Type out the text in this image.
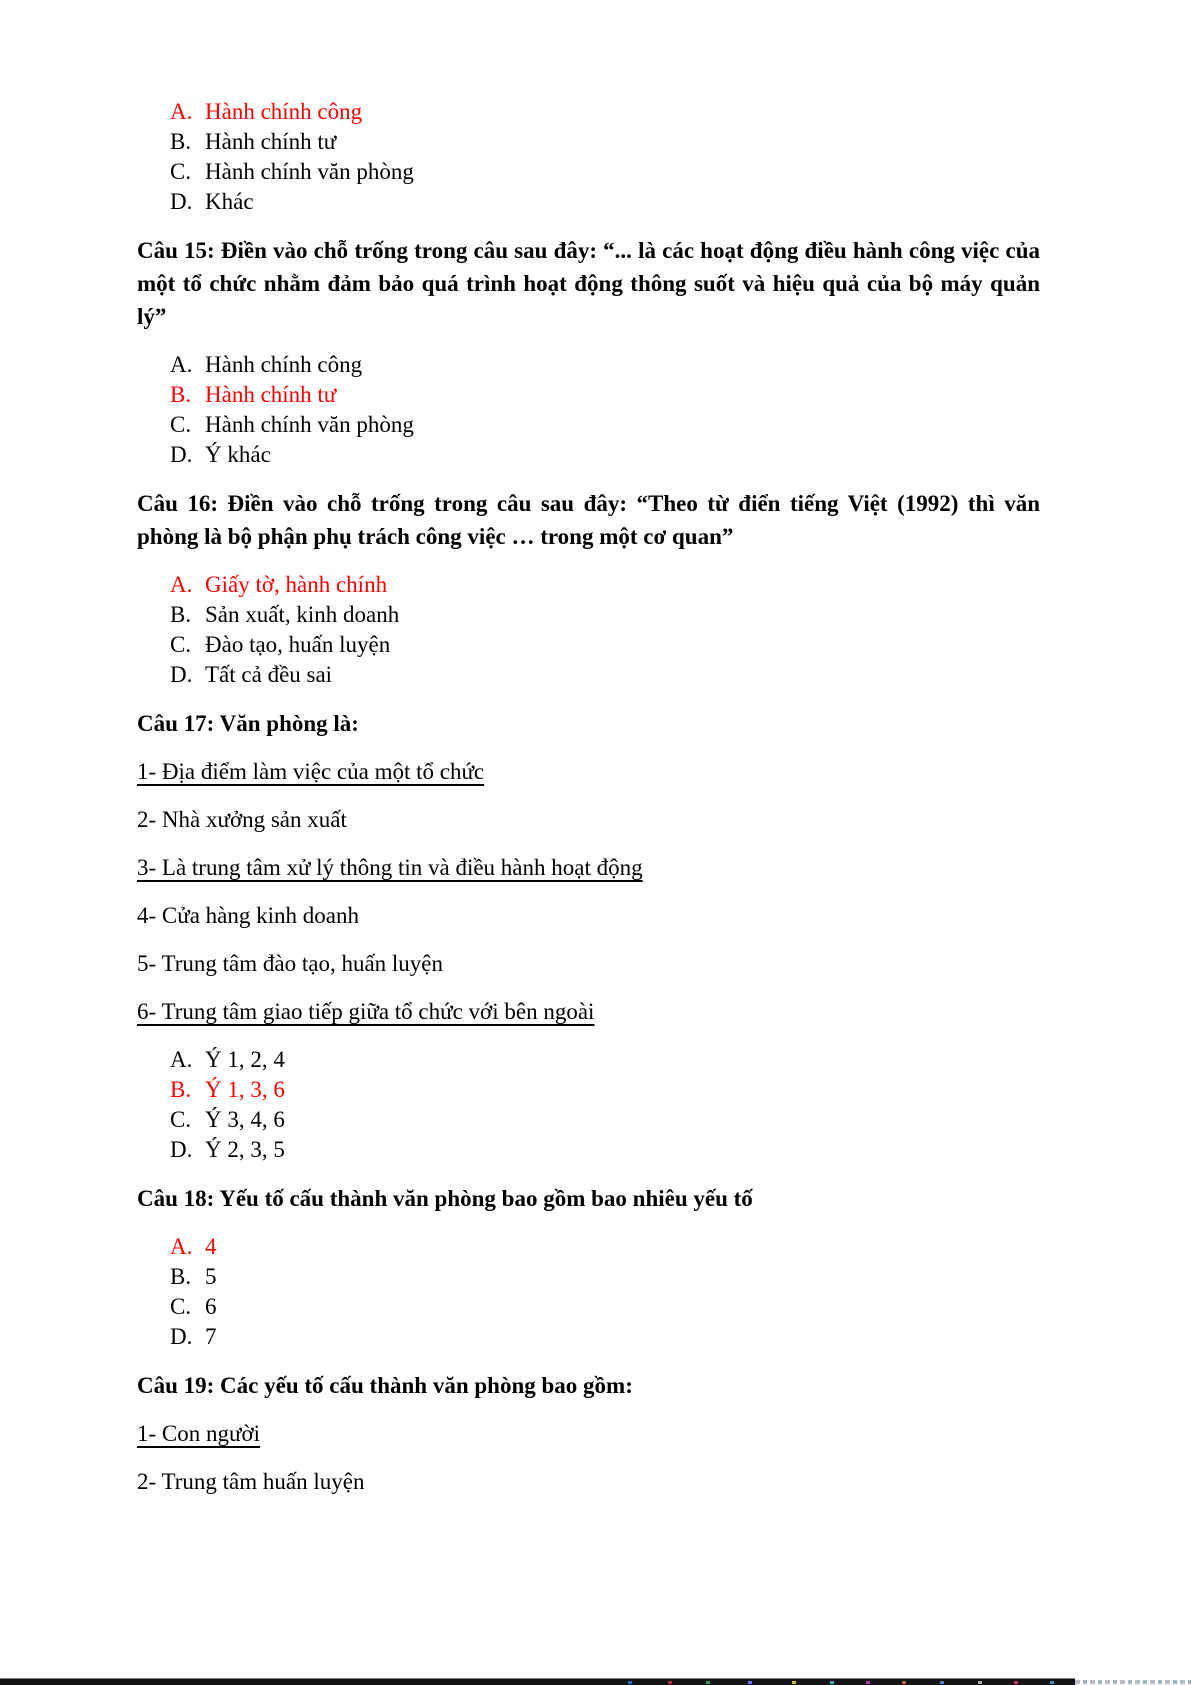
A. Hành chính công
B. Hành chính tư
C. Hành chính văn phòng
D. Khác

Câu 15: Điền vào chỗ trống trong câu sau đây: “... là các hoạt động điều hành công việc của một tổ chức nhằm đảm bảo quá trình hoạt động thông suốt và hiệu quả của bộ máy quản lý”

A. Hành chính công
B. Hành chính tư
C. Hành chính văn phòng
D. Ý khác

Câu 16: Điền vào chỗ trống trong câu sau đây: “Theo từ điển tiếng Việt (1992) thì văn phòng là bộ phận phụ trách công việc … trong một cơ quan”

A. Giấy tờ, hành chính
B. Sản xuất, kinh doanh
C. Đào tạo, huấn luyện
D. Tất cả đều sai

Câu 17: Văn phòng là:

1- Địa điểm làm việc của một tổ chức

2- Nhà xưởng sản xuất

3- Là trung tâm xử lý thông tin và điều hành hoạt động

4- Cửa hàng kinh doanh

5- Trung tâm đào tạo, huấn luyện

6- Trung tâm giao tiếp giữa tổ chức với bên ngoài

A. Ý 1, 2, 4
B. Ý 1, 3, 6
C. Ý 3, 4, 6
D. Ý 2, 3, 5

Câu 18: Yếu tố cấu thành văn phòng bao gồm bao nhiêu yếu tố

A. 4
B. 5
C. 6
D. 7

Câu 19: Các yếu tố cấu thành văn phòng bao gồm:

1- Con người

2- Trung tâm huấn luyện
